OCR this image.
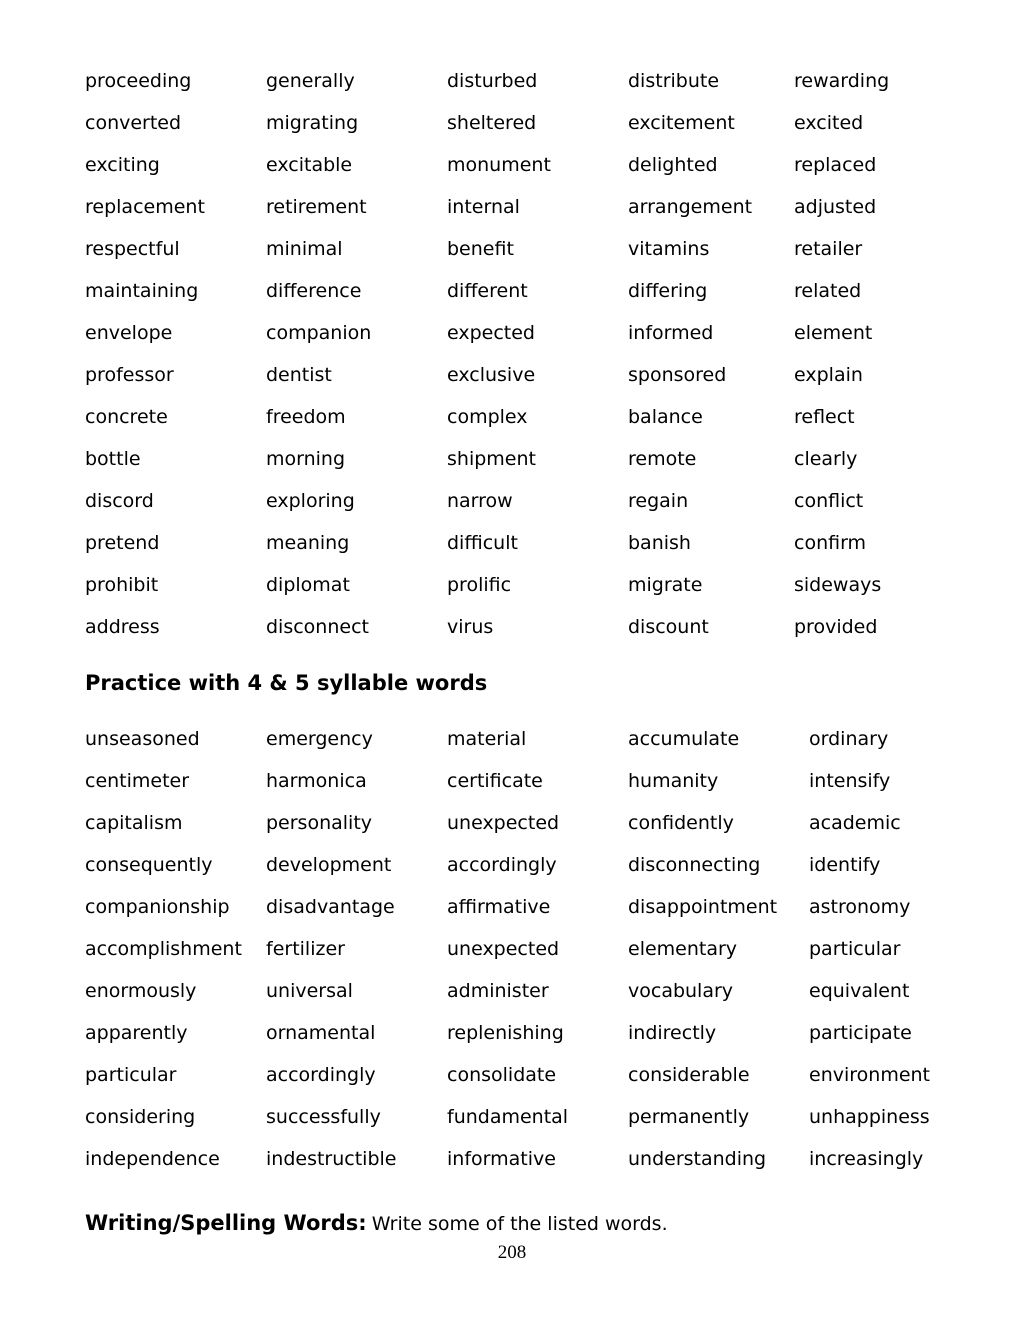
proceeding	generally	disturbed	distribute	rewarding
converted	migrating	sheltered	excitement	excited
exciting	excitable	monument	delighted	replaced
replacement	retirement	internal	arrangement	adjusted
respectful	minimal	benefit	vitamins	retailer
maintaining	difference	different	differing	related
envelope	companion	expected	informed	element
professor	dentist	exclusive	sponsored	explain
concrete	freedom	complex	balance	reflect
bottle	morning	shipment	remote	clearly
discord	exploring	narrow	regain	conflict
pretend	meaning	difficult	banish	confirm
prohibit	diplomat	prolific	migrate	sideways
address	disconnect	virus	discount	provided
Practice with 4 & 5 syllable words
unseasoned	emergency	material	accumulate	ordinary
centimeter	harmonica	certificate	humanity	intensify
capitalism	personality	unexpected	confidently	academic
consequently	development	accordingly	disconnecting	identify
companionship	disadvantage	affirmative	disappointment	astronomy
accomplishment	fertilizer	unexpected	elementary	particular
enormously	universal	administer	vocabulary	equivalent
apparently	ornamental	replenishing	indirectly	participate
particular	accordingly	consolidate	considerable	environment
considering	successfully	fundamental	permanently	unhappiness
independence	indestructible	informative	understanding	increasingly

Writing/Spelling Words: Write some of the listed words.

208
